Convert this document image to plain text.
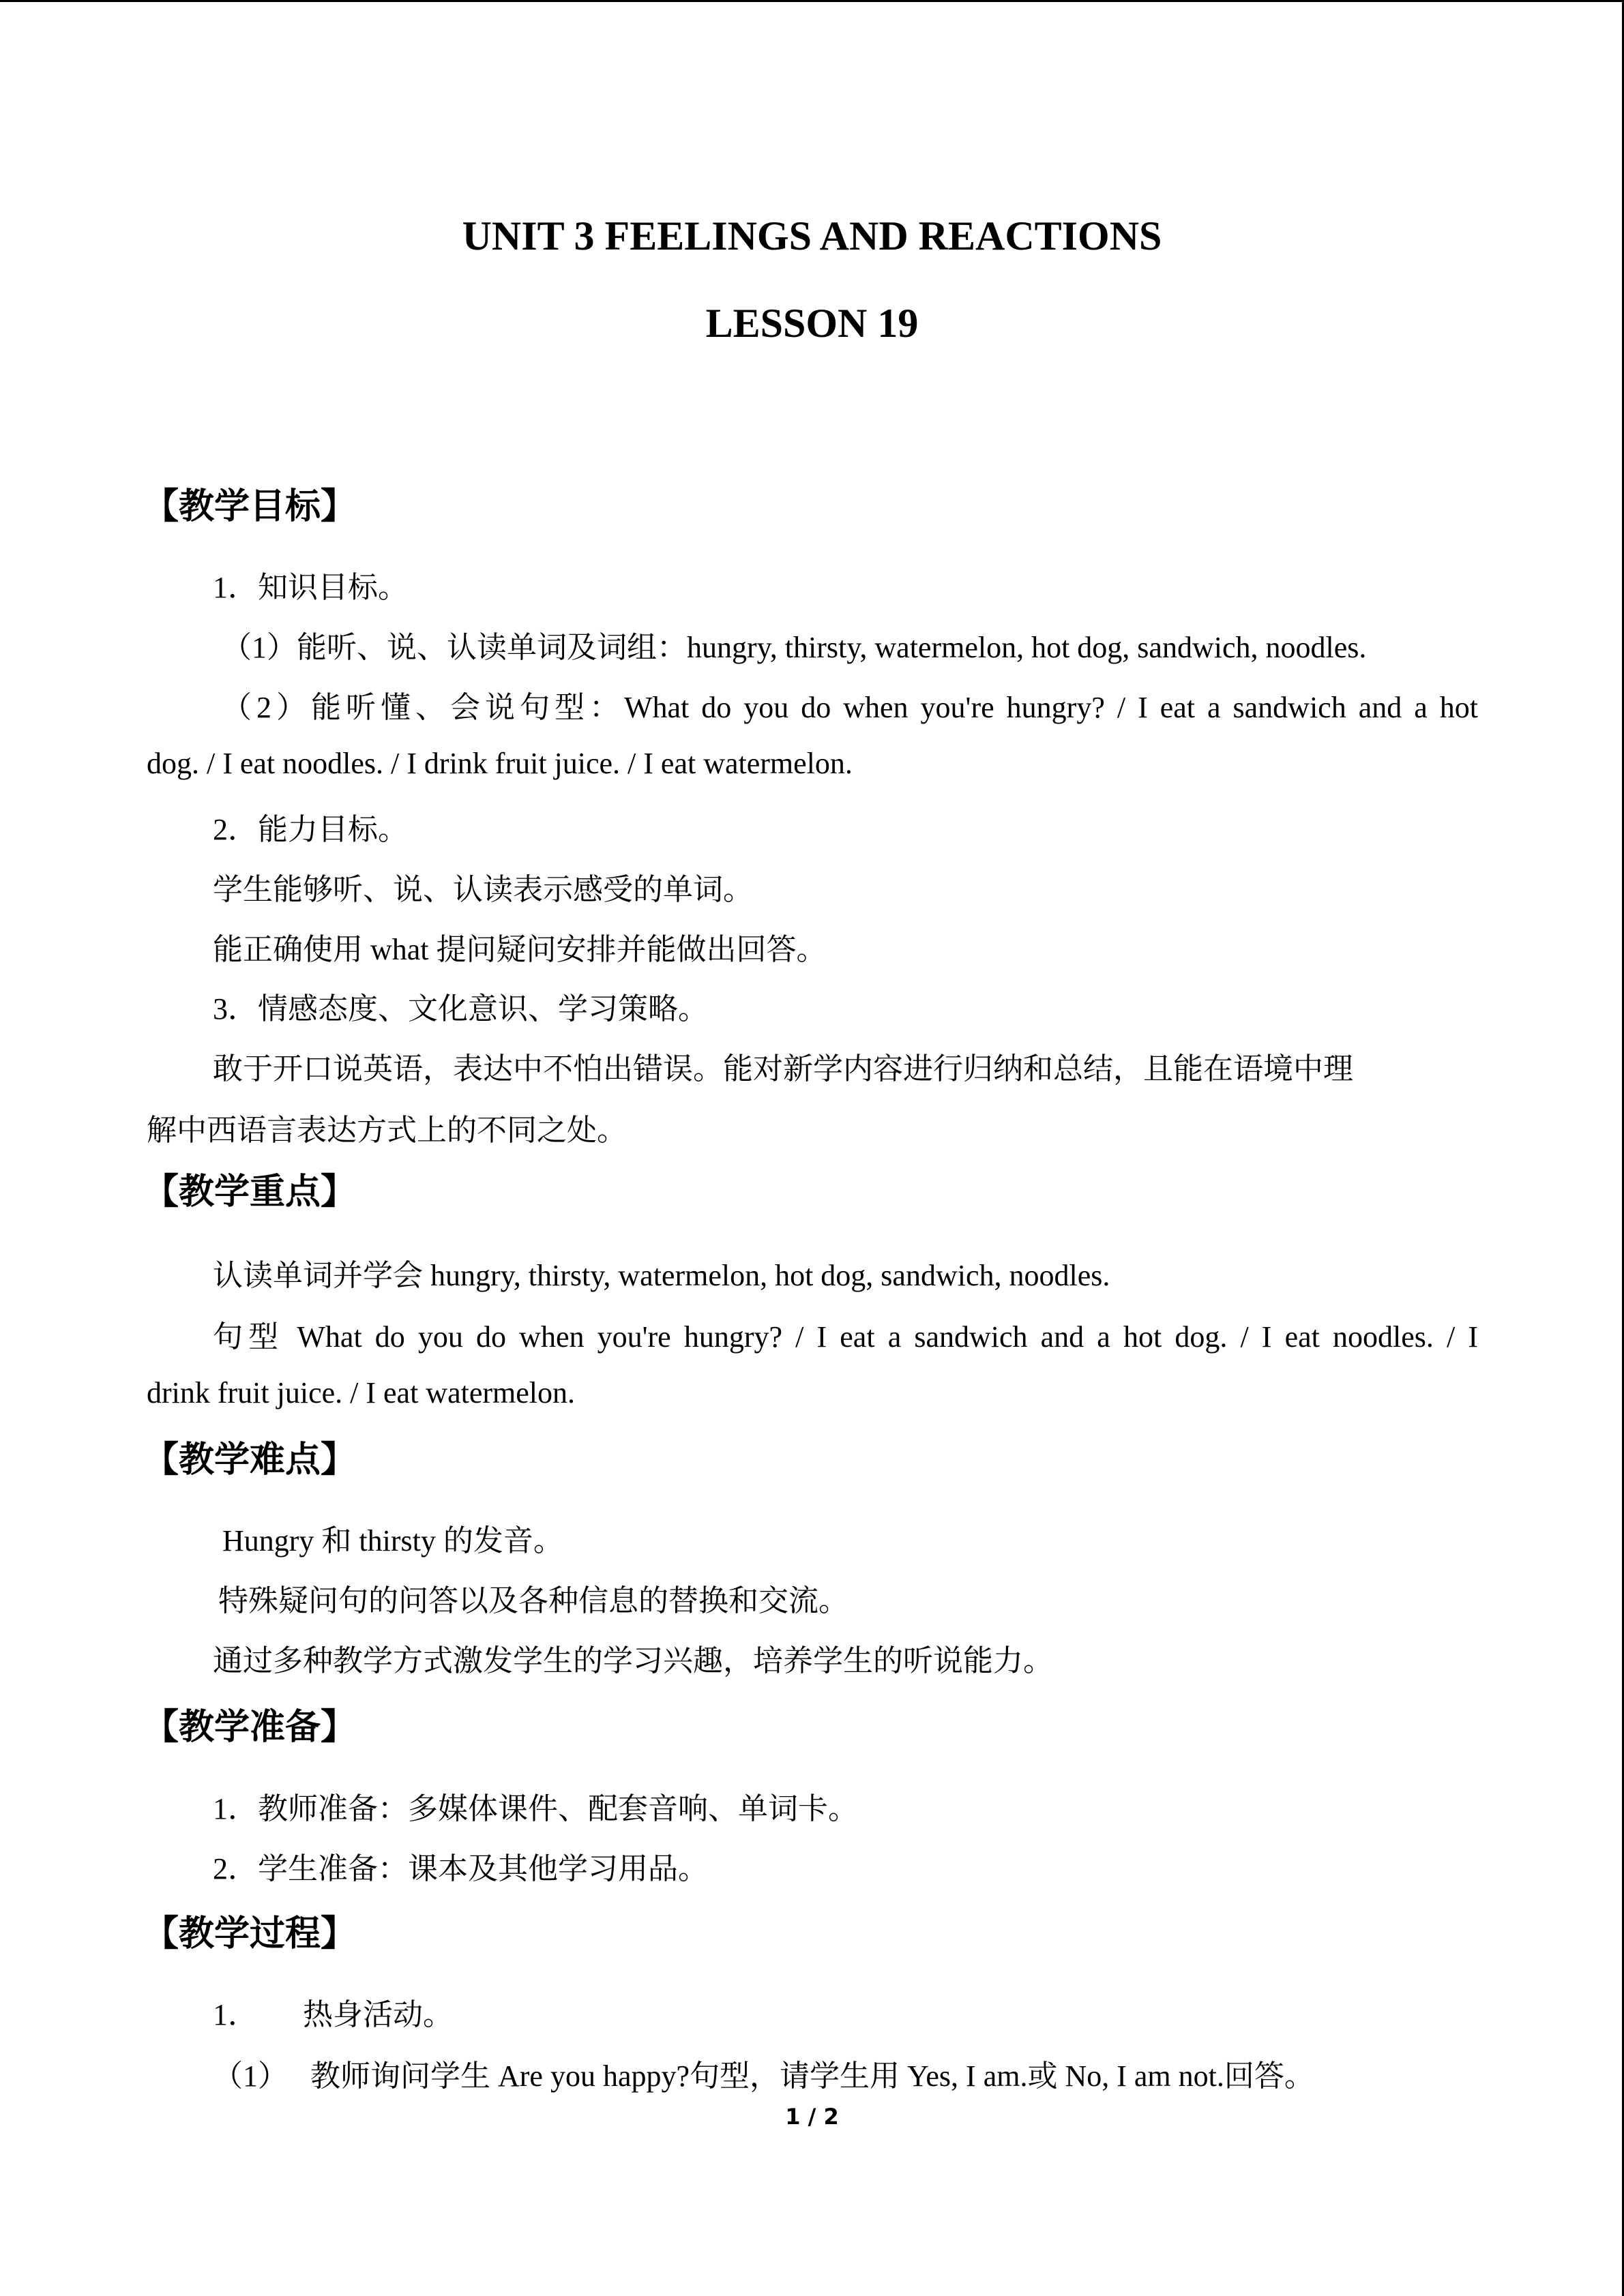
UNIT 3 FEELINGS AND REACTIONS
LESSON 19
【教学目标】
1．知识目标。
（1）能听、说、认读单词及词组：hungry, thirsty, watermelon, hot dog, sandwich, noodles.
（2）能听懂、会说句型：What do you do when you're hungry? / I eat a sandwich and a hot
dog. / I eat noodles. / I drink fruit juice. / I eat watermelon.
2．能力目标。
学生能够听、说、认读表示感受的单词。
能正确使用 what 提问疑问安排并能做出回答。
3．情感态度、文化意识、学习策略。
敢于开口说英语，表达中不怕出错误。能对新学内容进行归纳和总结，且能在语境中理
解中西语言表达方式上的不同之处。
【教学重点】
认读单词并学会 hungry, thirsty, watermelon, hot dog, sandwich, noodles.
句型 What do you do when you're hungry? / I eat a sandwich and a hot dog. / I eat noodles. / I
drink fruit juice. / I eat watermelon.
【教学难点】
Hungry 和 thirsty 的发音。
特殊疑问句的问答以及各种信息的替换和交流。
通过多种教学方式激发学生的学习兴趣，培养学生的听说能力。
【教学准备】
1．教师准备：多媒体课件、配套音响、单词卡。
2．学生准备：课本及其他学习用品。
【教学过程】
1．      热身活动。
（1）   教师询问学生 Are you happy?句型，请学生用 Yes, I am.或 No, I am not.回答。
1 / 2
